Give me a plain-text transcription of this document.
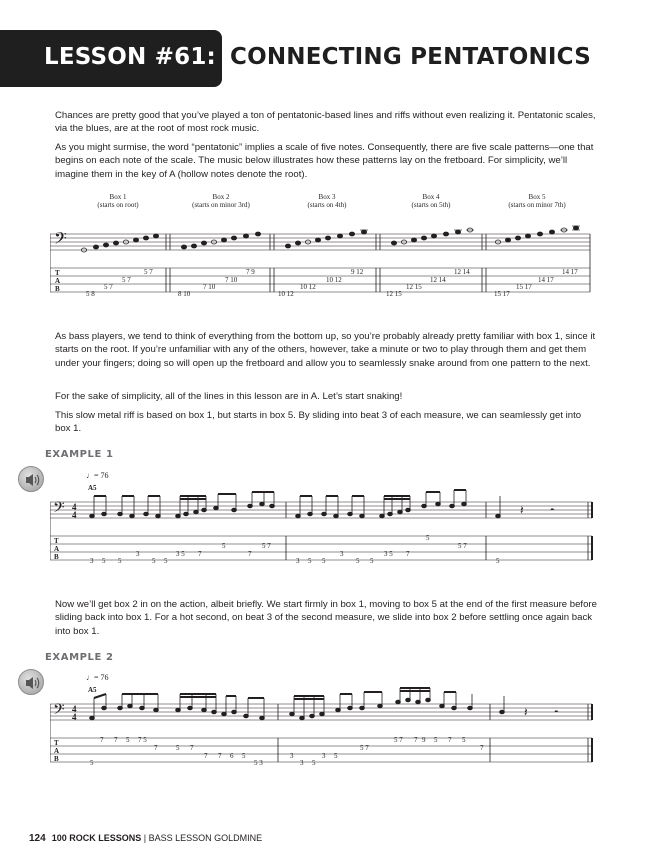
LESSON #61: CONNECTING PENTATONICS

Chances are pretty good that you’ve played a ton of pentatonic-based lines and riffs without even realizing it. Pentatonic scales, via the blues, are at the root of most rock music.

As you might surmise, the word “pentatonic” implies a scale of five notes. Consequently, there are five scale patterns—one that begins on each note of the scale. The music below illustrates how these patterns lay on the fretboard. For simplicity, we’ll imagine them in the key of A (hollow notes denote the root).

Box 1
(starts on root)
Box 2
(starts on minor 3rd)
Box 3
(starts on 4th)
Box 4
(starts on 5th)
Box 5
(starts on minor 7th)
𝄢
T
A
B
5 7
5 7
5 7
5 8
7 9
7 10
7 10
8 10
9 12
10 12
10 12
10 12
12 14
12 14
12 15
12 15
14 17
14 17
15 17
15 17

As bass players, we tend to think of everything from the bottom up, so you’re probably already pretty familiar with box 1, since it starts on the root. If you’re unfamiliar with any of the others, however, take a minute or two to play through them and get them under your fingers; doing so will open up the fretboard and allow you to seamlessly snake around from one pattern to the next.

For the sake of simplicity, all of the lines in this lesson are in A. Let’s start snaking!

This slow metal riff is based on box 1, but starts in box 5. By sliding into beat 3 of each measure, we can seamlessly get into box 1.

EXAMPLE 1
♩= 76
A5
𝄢 4
4
T
A
B
𝄽 𝄼
3 5 5
3
5 5
3 5 7
5
7
5 7
3 5 5
3
5 5
3 5 7
5
5 7
5

Now we’ll get box 2 in on the action, albeit briefly. We start firmly in box 1, moving to box 5 at the end of the first measure before sliding back into box 1. For a hot second, on beat 3 of the second measure, we slide into box 2 before settling once again back into box 1.

EXAMPLE 2
♩= 76
A5
𝄢 4
4
T
A
B
𝄽 𝄼
7 7 5 7 5
7	5 7
7 7 6 5
5	5 3
3
3 5
3 5
5 7
5 7 7 9 5 7 5
7
124 100 ROCK LESSONS | BASS LESSON GOLDMINE
